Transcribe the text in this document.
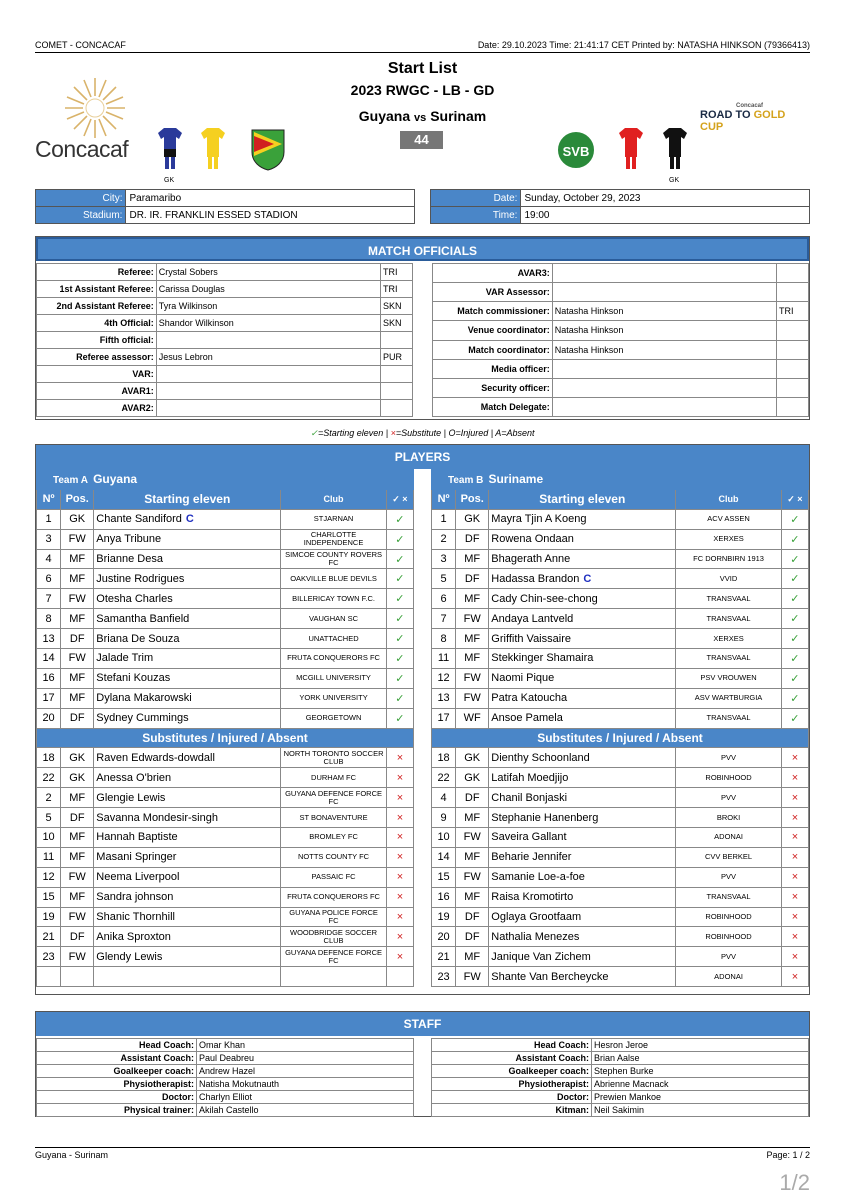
COMET - CONCACAF	Date: 29.10.2023 Time: 21:41:17 CET Printed by: NATASHA HINKSON (79366413)
Start List
2023 RWGC - LB - GD
Guyana vs Surinam
44
Concacaf
GK
Concacaf
ROAD TO GOLD CUP
SVB
GK
City:	Paramaribo
Stadium:	DR. IR. FRANKLIN ESSED STADION
Date:	Sunday, October 29, 2023
Time:	19:00
MATCH OFFICIALS
Referee:	Crystal Sobers	TRI
1st Assistant Referee:	Carissa Douglas	TRI
2nd Assistant Referee:	Tyra Wilkinson	SKN
4th Official:	Shandor Wilkinson	SKN
Fifth official:		
Referee assessor:	Jesus Lebron	PUR
VAR:		
AVAR1:		
AVAR2:		
AVAR3:		
VAR Assessor:		
Match commissioner:	Natasha Hinkson	TRI
Venue coordinator:	Natasha Hinkson	
Match coordinator:	Natasha Hinkson	
Media officer:		
Security officer:		
Match Delegate:		
✓=Starting eleven | ×=Substitute | O=Injured | A=Absent
PLAYERS
Team A Guyana				
Nº	Pos.	Starting eleven	Club	✓ ×
1	GK	Chante Sandiford C	STJARNAN	✓
3	FW	Anya Tribune	CHARLOTTE INDEPENDENCE	✓
4	MF	Brianne Desa	SIMCOE COUNTY ROVERS FC	✓
6	MF	Justine Rodrigues	OAKVILLE BLUE DEVILS	✓
7	FW	Otesha Charles	BILLERICAY TOWN F.C.	✓
8	MF	Samantha Banfield	VAUGHAN SC	✓
13	DF	Briana De Souza	UNATTACHED	✓
14	FW	Jalade Trim	FRUTA CONQUERORS FC	✓
16	MF	Stefani Kouzas	MCGILL UNIVERSITY	✓
17	MF	Dylana Makarowski	YORK UNIVERSITY	✓
20	DF	Sydney Cummings	GEORGETOWN	✓
Substitutes / Injured / Absent				
18	GK	Raven Edwards-dowdall	NORTH TORONTO SOCCER CLUB	×
22	GK	Anessa O'brien	DURHAM FC	×
2	MF	Glengie Lewis	GUYANA DEFENCE FORCE FC	×
5	DF	Savanna Mondesir-singh	ST BONAVENTURE	×
10	MF	Hannah Baptiste	BROMLEY FC	×
11	MF	Masani Springer	NOTTS COUNTY FC	×
12	FW	Neema Liverpool	PASSAIC FC	×
15	MF	Sandra johnson	FRUTA CONQUERORS FC	×
19	FW	Shanic Thornhill	GUYANA POLICE FORCE FC	×
21	DF	Anika Sproxton	WOODBRIDGE SOCCER CLUB	×
23	FW	Glendy Lewis	GUYANA DEFENCE FORCE FC	×

Team B Suriname				
Nº	Pos.	Starting eleven	Club	✓ ×
1	GK	Mayra Tjin A Koeng	ACV ASSEN	✓
2	DF	Rowena Ondaan	XERXES	✓
3	MF	Bhagerath Anne	FC DORNBIRN 1913	✓
5	DF	Hadassa Brandon C	VVID	✓
6	MF	Cady Chin-see-chong	TRANSVAAL	✓
7	FW	Andaya Lantveld	TRANSVAAL	✓
8	MF	Griffith Vaissaire	XERXES	✓
11	MF	Stekkinger Shamaira	TRANSVAAL	✓
12	FW	Naomi Pique	PSV VROUWEN	✓
13	FW	Patra Katoucha	ASV WARTBURGIA	✓
17	WF	Ansoe Pamela	TRANSVAAL	✓
Substitutes / Injured / Absent				
18	GK	Dienthy Schoonland	PVV	×
22	GK	Latifah Moedjijo	ROBINHOOD	×
4	DF	Chanil Bonjaski	PVV	×
9	MF	Stephanie Hanenberg	BROKI	×
10	FW	Saveira Gallant	ADONAI	×
14	MF	Beharie Jennifer	CVV BERKEL	×
15	FW	Samanie Loe-a-foe	PVV	×
16	MF	Raisa Kromotirto	TRANSVAAL	×
19	DF	Oglaya Grootfaam	ROBINHOOD	×
20	DF	Nathalia Menezes	ROBINHOOD	×
21	MF	Janique Van Zichem	PVV	×
23	FW	Shante Van Bercheycke	ADONAI	×
STAFF
Head Coach:	Omar Khan
Assistant Coach:	Paul Deabreu
Goalkeeper coach:	Andrew Hazel
Physiotherapist:	Natisha Mokutnauth
Doctor:	Charlyn Elliot
Physical trainer:	Akilah Castello
Head Coach:	Hesron Jeroe
Assistant Coach:	Brian Aalse
Goalkeeper coach:	Stephen Burke
Physiotherapist:	Abrienne Macnack
Doctor:	Prewien Mankoe
Kitman:	Neil Sakimin
Guyana - Surinam	Page: 1 / 2
1/2
